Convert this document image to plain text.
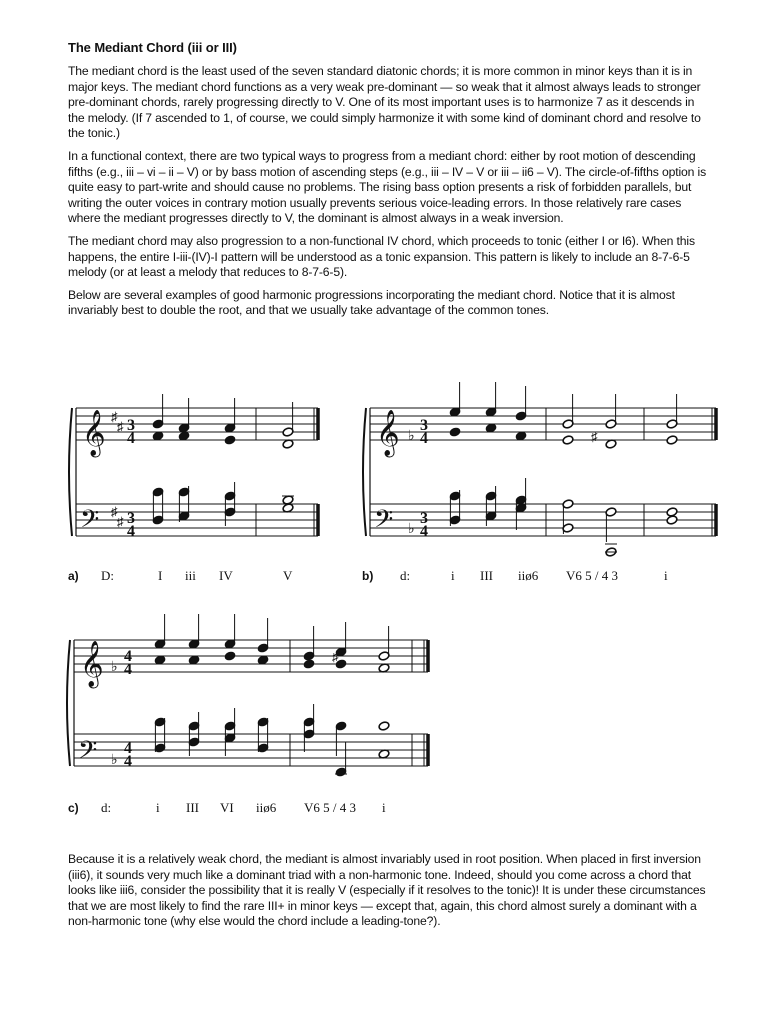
The Mediant Chord (iii or III)

The mediant chord is the least used of the seven standard diatonic chords; it is more common in minor keys than it is in major keys. The mediant chord functions as a very weak pre-dominant — so weak that it almost always leads to stronger pre-dominant chords, rarely progressing directly to V. One of its most important uses is to harmonize 7 as it descends in the melody. (If 7 ascended to 1, of course, we could simply harmonize it with some kind of dominant chord and resolve to the tonic.)

In a functional context, there are two typical ways to progress from a mediant chord: either by root motion of descending fifths (e.g., iii – vi – ii – V) or by bass motion of ascending steps (e.g., iii – IV – V or iii – ii6 – V). The circle-of-fifths option is quite easy to part-write and should cause no problems. The rising bass option presents a risk of forbidden parallels, but writing the outer voices in contrary motion usually prevents serious voice-leading errors. In those relatively rare cases where the mediant progresses directly to V, the dominant is almost always in a weak inversion.

The mediant chord may also progression to a non-functional IV chord, which proceeds to tonic (either I or I6). When this happens, the entire I-iii-(IV)-I pattern will be understood as a tonic expansion. This pattern is likely to include an 8-7-6-5 melody (or at least a melody that reduces to 8-7-6-5).

Below are several examples of good harmonic progressions incorporating the mediant chord. Notice that it is almost invariably best to double the root, and that we usually take advantage of the common tones.

a) D:	I iii IV	V	b) d:	i III iiø6 V6 5 / 4 3	i
c) d:	i III VI iiø6 V6 5 / 4 3 i
3
4
3
4
3
4
3
4
4
4
4
4
𝄞
𝄢
𝄞
𝄢
𝄞
𝄢
♯
♯
♯
♯
♭
♭
♭
♭
♯
♯

Because it is a relatively weak chord, the mediant is almost invariably used in root position. When placed in first inversion (iii6), it sounds very much like a dominant triad with a non-harmonic tone. Indeed, should you come across a chord that looks like iii6, consider the possibility that it is really V (especially if it resolves to the tonic)! It is under these circumstances that we are most likely to find the rare III+ in minor keys — except that, again, this chord almost surely a dominant with a non-harmonic tone (why else would the chord include a leading-tone?).
